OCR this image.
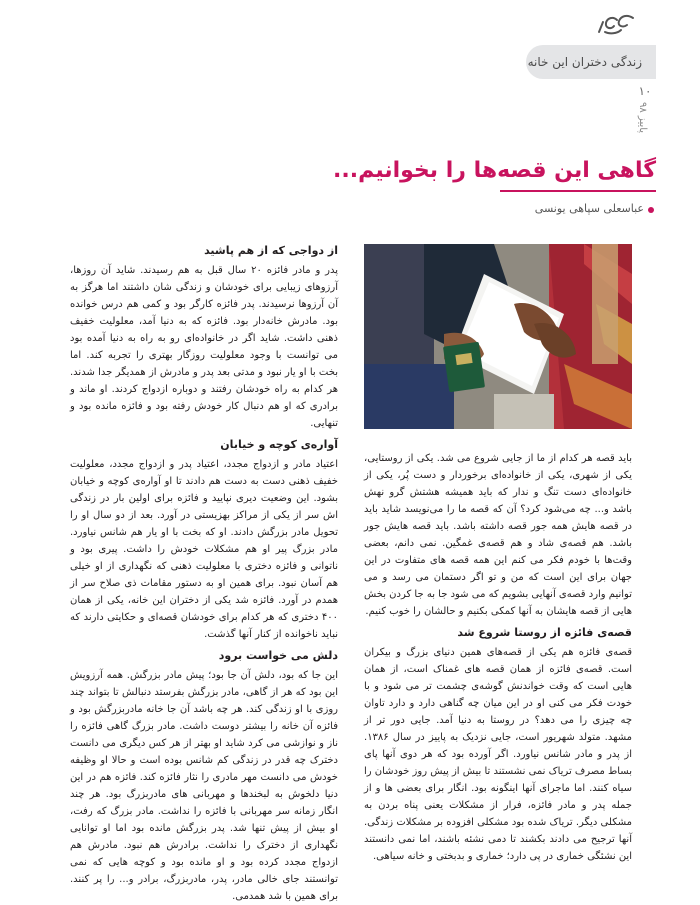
زندگی دختران این خانه
۱۰
پاییز ۹۸
گاهی این قصه‌ها را بخوانیم...
عباسعلی سپاهی یونسی

باید قصه هر کدام از ما از جایی شروع می شد. یکی از روستایی، یکی از شهری، یکی از خانواده‌ای برخوردار و دست پُر، یکی از خانواده‌ای دست تنگ و ندار که باید همیشه هشتش گرو نهش باشد و... چه می‌شود کرد؟ آن که قصه ما را می‌نویسد شاید باید در قصه هایش همه جور قصه داشته باشد. باید قصه هایش جور باشد. هم قصه‌ی شاد و هم قصه‌ی غمگین. نمی دانم، بعضی وقت‌ها با خودم فکر می کنم این همه قصه های متفاوت در این جهان برای این است که من و تو اگر دستمان می رسد و می توانیم وارد قصه‌ی آنهایی بشویم که می شود جا به جا کردن بخش هایی از قصه هایشان به آنها کمکی بکنیم و حالشان را خوب کنیم.

قصه‌ی فائزه از روستا شروع شد

قصه‌ی فائزه هم یکی از قصه‌های همین دنیای بزرگ و بیکران است. قصه‌ی فائزه از همان قصه های غمناک است، از همان هایی است که وقت خواندنش گوشه‌ی چشمت تر می شود و با خودت فکر می کنی او در این میان چه گناهی دارد و دارد تاوان چه چیزی را می دهد؟ در روستا به دنیا آمد. جایی دور تر از مشهد. متولد شهریور است، جایی نزدیک به پاییز در سال ۱۳۸۶. از پدر و مادر شانس نیاورد. اگر آورده بود که هر دوی آنها پای بساط مصرف تریاک نمی نشستند تا بیش از پیش روز خودشان را سیاه کنند. اما ماجرای آنها اینگونه بود. انگار برای بعضی ها و از جمله پدر و مادر فائزه، فرار از مشکلات یعنی پناه بردن به مشکلی دیگر. تریاک شده بود مشکلی افزوده بر مشکلات زندگی. آنها ترجیح می دادند بکشند تا دمی نشئه باشند، اما نمی دانستند این نشئگی خماری در پی دارد؛ خماری و بدبختی و خانه سیاهی.

از دواجی که از هم پاشید

پدر و مادر فائزه ۲۰ سال قبل به هم رسیدند. شاید آن روزها، آرزوهای زیبایی برای خودشان و زندگی شان داشتند اما هرگز به آن آرزوها نرسیدند. پدر فائزه کارگر بود و کمی هم درس خوانده بود. مادرش خانه‌دار بود. فائزه که به دنیا آمد، معلولیت خفیف ذهنی داشت. شاید اگر در خانواده‌ای رو به راه به دنیا آمده بود می توانست با وجود معلولیت روزگار بهتری را تجربه کند. اما بخت با او یار نبود و مدتی بعد پدر و مادرش از همدیگر جدا شدند. هر کدام به راه خودشان رفتند و دوباره ازدواج کردند. او ماند و برادری که او هم دنبال کار خودش رفته بود و فائزه مانده بود و تنهایی.

آواره‌ی کوچه و خیابان

اعتیاد مادر و ازدواج مجدد، اعتیاد پدر و ازدواج مجدد، معلولیت خفیف ذهنی دست به دست هم دادند تا او آواره‌ی کوچه و خیابان بشود. این وضعیت دیری نپایید و فائزه برای اولین بار در زندگی اش سر از یکی از مراکز بهزیستی در آورد. بعد از دو سال او را تحویل مادر بزرگش دادند. او که بخت با او یار هم شانس نیاورد. مادر بزرگ پیر او هم مشکلات خودش را داشت. پیری بود و ناتوانی و فائزه دختری با معلولیت ذهنی که نگهداری از او خیلی هم آسان نبود. برای همین او به دستور مقامات ذی صلاح سر از همدم در آورد. فائزه شد یکی از دختران این خانه، یکی از همان ۴۰۰ دختری که هر کدام برای خودشان قصه‌ای و حکایتی دارند که نباید ناخوانده از کنار آنها گذشت.

دلش می خواست برود

این جا که بود، دلش آن جا بود؛ پیش مادر بزرگش. همه آرزویش این بود که هر از گاهی، مادر بزرگش بفرستد دنبالش تا بتواند چند روزی با او زندگی کند. هر چه باشد آن جا خانه مادربزرگش بود و فائزه آن خانه را بیشتر دوست داشت. مادر بزرگ گاهی فائزه را ناز و نوازشی می کرد شاید او بهتر از هر کس دیگری می دانست دخترک چه قدر در زندگی کم شانس بوده است و حالا او وظیفه خودش می دانست مهر مادری را نثار فائزه کند. فائزه هم در این دنیا دلخوش به لبخندها و مهربانی های مادربزرگ بود. هر چند انگار زمانه سر مهربانی با فائزه را نداشت. مادر بزرگ که رفت، او بیش از پیش تنها شد. پدر بزرگش مانده بود اما او توانایی نگهداری از دخترک را نداشت. برادرش هم نبود. مادرش هم ازدواج مجدد کرده بود و او مانده بود و کوچه هایی که نمی توانستند جای خالی مادر، پدر، مادربزرگ، برادر و... را پر کنند. برای همین با شد همدمی.
